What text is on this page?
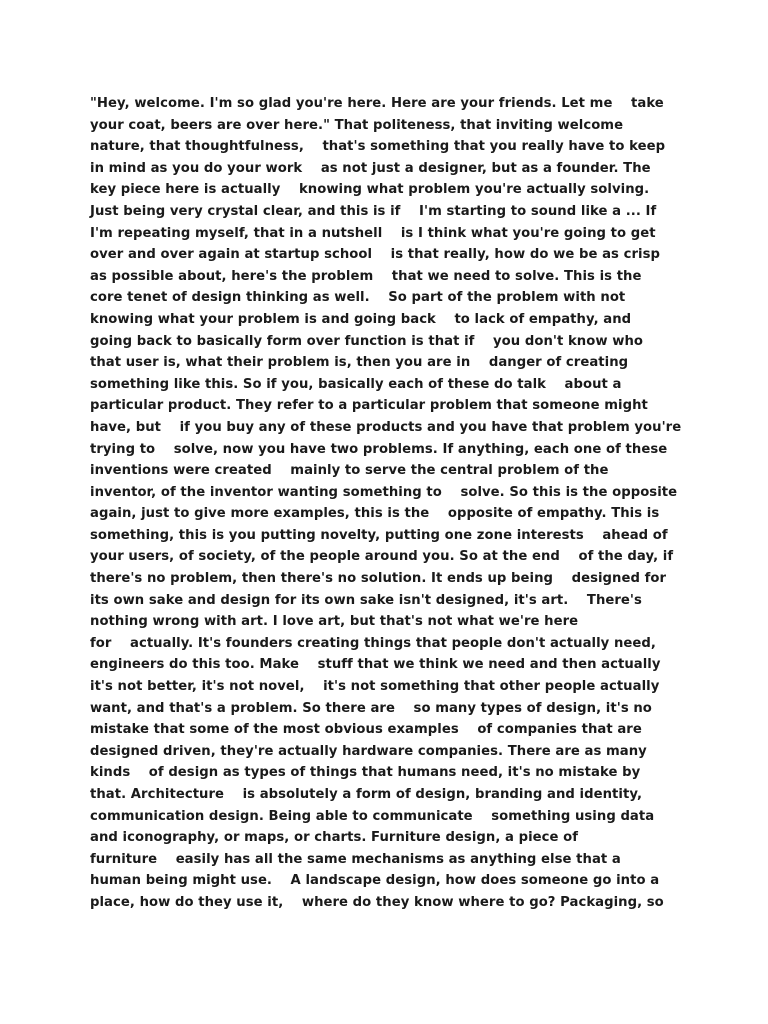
"Hey, welcome. I'm so glad you're here. Here are your friends. Let me    take
your coat, beers are over here." That politeness, that inviting welcome
nature, that thoughtfulness,    that's something that you really have to keep
in mind as you do your work    as not just a designer, but as a founder. The
key piece here is actually    knowing what problem you're actually solving.
Just being very crystal clear, and this is if    I'm starting to sound like a ... If
I'm repeating myself, that in a nutshell    is I think what you're going to get
over and over again at startup school    is that really, how do we be as crisp
as possible about, here's the problem    that we need to solve. This is the
core tenet of design thinking as well.    So part of the problem with not
knowing what your problem is and going back    to lack of empathy, and
going back to basically form over function is that if    you don't know who
that user is, what their problem is, then you are in    danger of creating
something like this. So if you, basically each of these do talk    about a
particular product. They refer to a particular problem that someone might
have, but    if you buy any of these products and you have that problem you're
trying to    solve, now you have two problems. If anything, each one of these
inventions were created    mainly to serve the central problem of the
inventor, of the inventor wanting something to    solve. So this is the opposite
again, just to give more examples, this is the    opposite of empathy. This is
something, this is you putting novelty, putting one zone interests    ahead of
your users, of society, of the people around you. So at the end    of the day, if
there's no problem, then there's no solution. It ends up being    designed for
its own sake and design for its own sake isn't designed, it's art.    There's
nothing wrong with art. I love art, but that's not what we're here
for    actually. It's founders creating things that people don't actually need,
engineers do this too. Make    stuff that we think we need and then actually
it's not better, it's not novel,    it's not something that other people actually
want, and that's a problem. So there are    so many types of design, it's no
mistake that some of the most obvious examples    of companies that are
designed driven, they're actually hardware companies. There are as many
kinds    of design as types of things that humans need, it's no mistake by
that. Architecture    is absolutely a form of design, branding and identity,
communication design. Being able to communicate    something using data
and iconography, or maps, or charts. Furniture design, a piece of
furniture    easily has all the same mechanisms as anything else that a
human being might use.    A landscape design, how does someone go into a
place, how do they use it,    where do they know where to go? Packaging, so
